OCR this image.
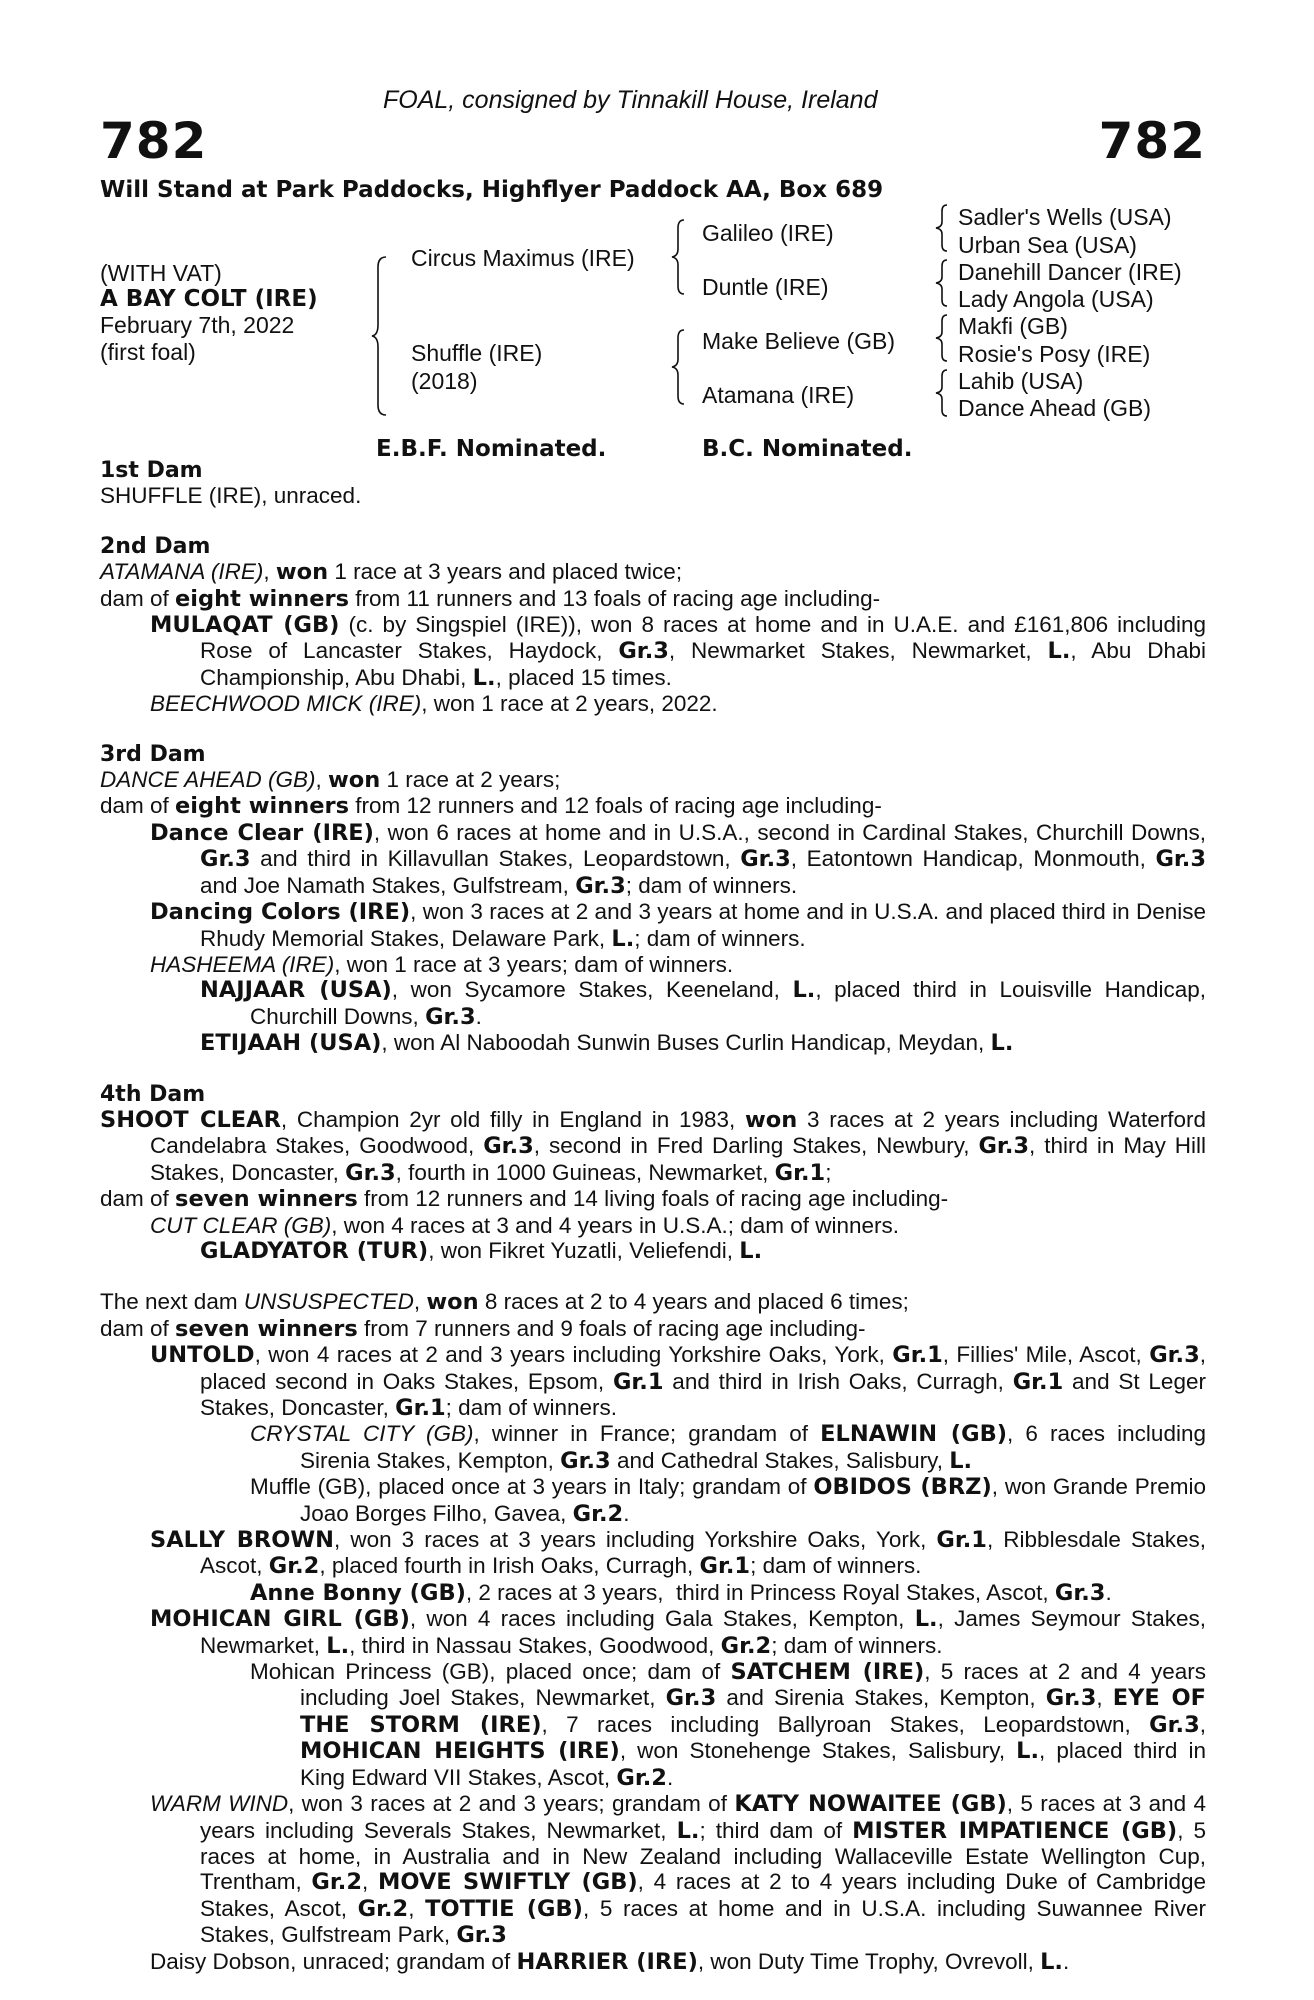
782	782
FOAL, consigned by Tinnakill House, Ireland
Will Stand at Park Paddocks, Highflyer Paddock AA, Box 689
(WITH VAT)
A BAY COLT (IRE)
February 7th, 2022
(first foal)
Circus Maximus (IRE)
Shuffle (IRE)
(2018)
Galileo (IRE)
Duntle (IRE)
Make Believe (GB)
Atamana (IRE)
Sadler's Wells (USA)
Urban Sea (USA)
Danehill Dancer (IRE)
Lady Angola (USA)
Makfi (GB)
Rosie's Posy (IRE)
Lahib (USA)
Dance Ahead (GB)
E.B.F. Nominated.	B.C. Nominated.

1st Dam

SHUFFLE (IRE), unraced.

2nd Dam

ATAMANA (IRE), won 1 race at 3 years and placed twice;

dam of eight winners from 11 runners and 13 foals of racing age including-

MULAQAT (GB) (c. by Singspiel (IRE)), won 8 races at home and in U.A.E. and £161,806 including Rose of Lancaster Stakes, Haydock, Gr.3, Newmarket Stakes, Newmarket, L., Abu Dhabi Championship, Abu Dhabi, L., placed 15 times.

BEECHWOOD MICK (IRE), won 1 race at 2 years, 2022.

3rd Dam

DANCE AHEAD (GB), won 1 race at 2 years;

dam of eight winners from 12 runners and 12 foals of racing age including-

Dance Clear (IRE), won 6 races at home and in U.S.A., second in Cardinal Stakes, Churchill Downs, Gr.3 and third in Killavullan Stakes, Leopardstown, Gr.3, Eatontown Handicap, Monmouth, Gr.3 and Joe Namath Stakes, Gulfstream, Gr.3; dam of winners.

Dancing Colors (IRE), won 3 races at 2 and 3 years at home and in U.S.A. and placed third in Denise Rhudy Memorial Stakes, Delaware Park, L.; dam of winners.

HASHEEMA (IRE), won 1 race at 3 years; dam of winners.

NAJJAAR (USA), won Sycamore Stakes, Keeneland, L., placed third in Louisville Handicap, Churchill Downs, Gr.3.

ETIJAAH (USA), won Al Naboodah Sunwin Buses Curlin Handicap, Meydan, L.

4th Dam

SHOOT CLEAR, Champion 2yr old filly in England in 1983, won 3 races at 2 years including Waterford Candelabra Stakes, Goodwood, Gr.3, second in Fred Darling Stakes, Newbury, Gr.3, third in May Hill Stakes, Doncaster, Gr.3, fourth in 1000 Guineas, Newmarket, Gr.1;

dam of seven winners from 12 runners and 14 living foals of racing age including-

CUT CLEAR (GB), won 4 races at 3 and 4 years in U.S.A.; dam of winners.

GLADYATOR (TUR), won Fikret Yuzatli, Veliefendi, L.

The next dam UNSUSPECTED, won 8 races at 2 to 4 years and placed 6 times;

dam of seven winners from 7 runners and 9 foals of racing age including-

UNTOLD, won 4 races at 2 and 3 years including Yorkshire Oaks, York, Gr.1, Fillies' Mile, Ascot, Gr.3, placed second in Oaks Stakes, Epsom, Gr.1 and third in Irish Oaks, Curragh, Gr.1 and St Leger Stakes, Doncaster, Gr.1; dam of winners.

CRYSTAL CITY (GB), winner in France; grandam of ELNAWIN (GB), 6 races including Sirenia Stakes, Kempton, Gr.3 and Cathedral Stakes, Salisbury, L.

Muffle (GB), placed once at 3 years in Italy; grandam of OBIDOS (BRZ), won Grande Premio Joao Borges Filho, Gavea, Gr.2.

SALLY BROWN, won 3 races at 3 years including Yorkshire Oaks, York, Gr.1, Ribblesdale Stakes, Ascot, Gr.2, placed fourth in Irish Oaks, Curragh, Gr.1; dam of winners.

Anne Bonny (GB), 2 races at 3 years,  third in Princess Royal Stakes, Ascot, Gr.3.

MOHICAN GIRL (GB), won 4 races including Gala Stakes, Kempton, L., James Seymour Stakes, Newmarket, L., third in Nassau Stakes, Goodwood, Gr.2; dam of winners.

Mohican Princess (GB), placed once; dam of SATCHEM (IRE), 5 races at 2 and 4 years including Joel Stakes, Newmarket, Gr.3 and Sirenia Stakes, Kempton, Gr.3, EYE OF THE STORM (IRE), 7 races including Ballyroan Stakes, Leopardstown, Gr.3, MOHICAN HEIGHTS (IRE), won Stonehenge Stakes, Salisbury, L., placed third in King Edward VII Stakes, Ascot, Gr.2.

WARM WIND, won 3 races at 2 and 3 years; grandam of KATY NOWAITEE (GB), 5 races at 3 and 4 years including Severals Stakes, Newmarket, L.; third dam of MISTER IMPATIENCE (GB), 5 races at home, in Australia and in New Zealand including Wallaceville Estate Wellington Cup, Trentham, Gr.2, MOVE SWIFTLY (GB), 4 races at 2 to 4 years including Duke of Cambridge Stakes, Ascot, Gr.2, TOTTIE (GB), 5 races at home and in U.S.A. including Suwannee River Stakes, Gulfstream Park, Gr.3

Daisy Dobson, unraced; grandam of HARRIER (IRE), won Duty Time Trophy, Ovrevoll, L..
